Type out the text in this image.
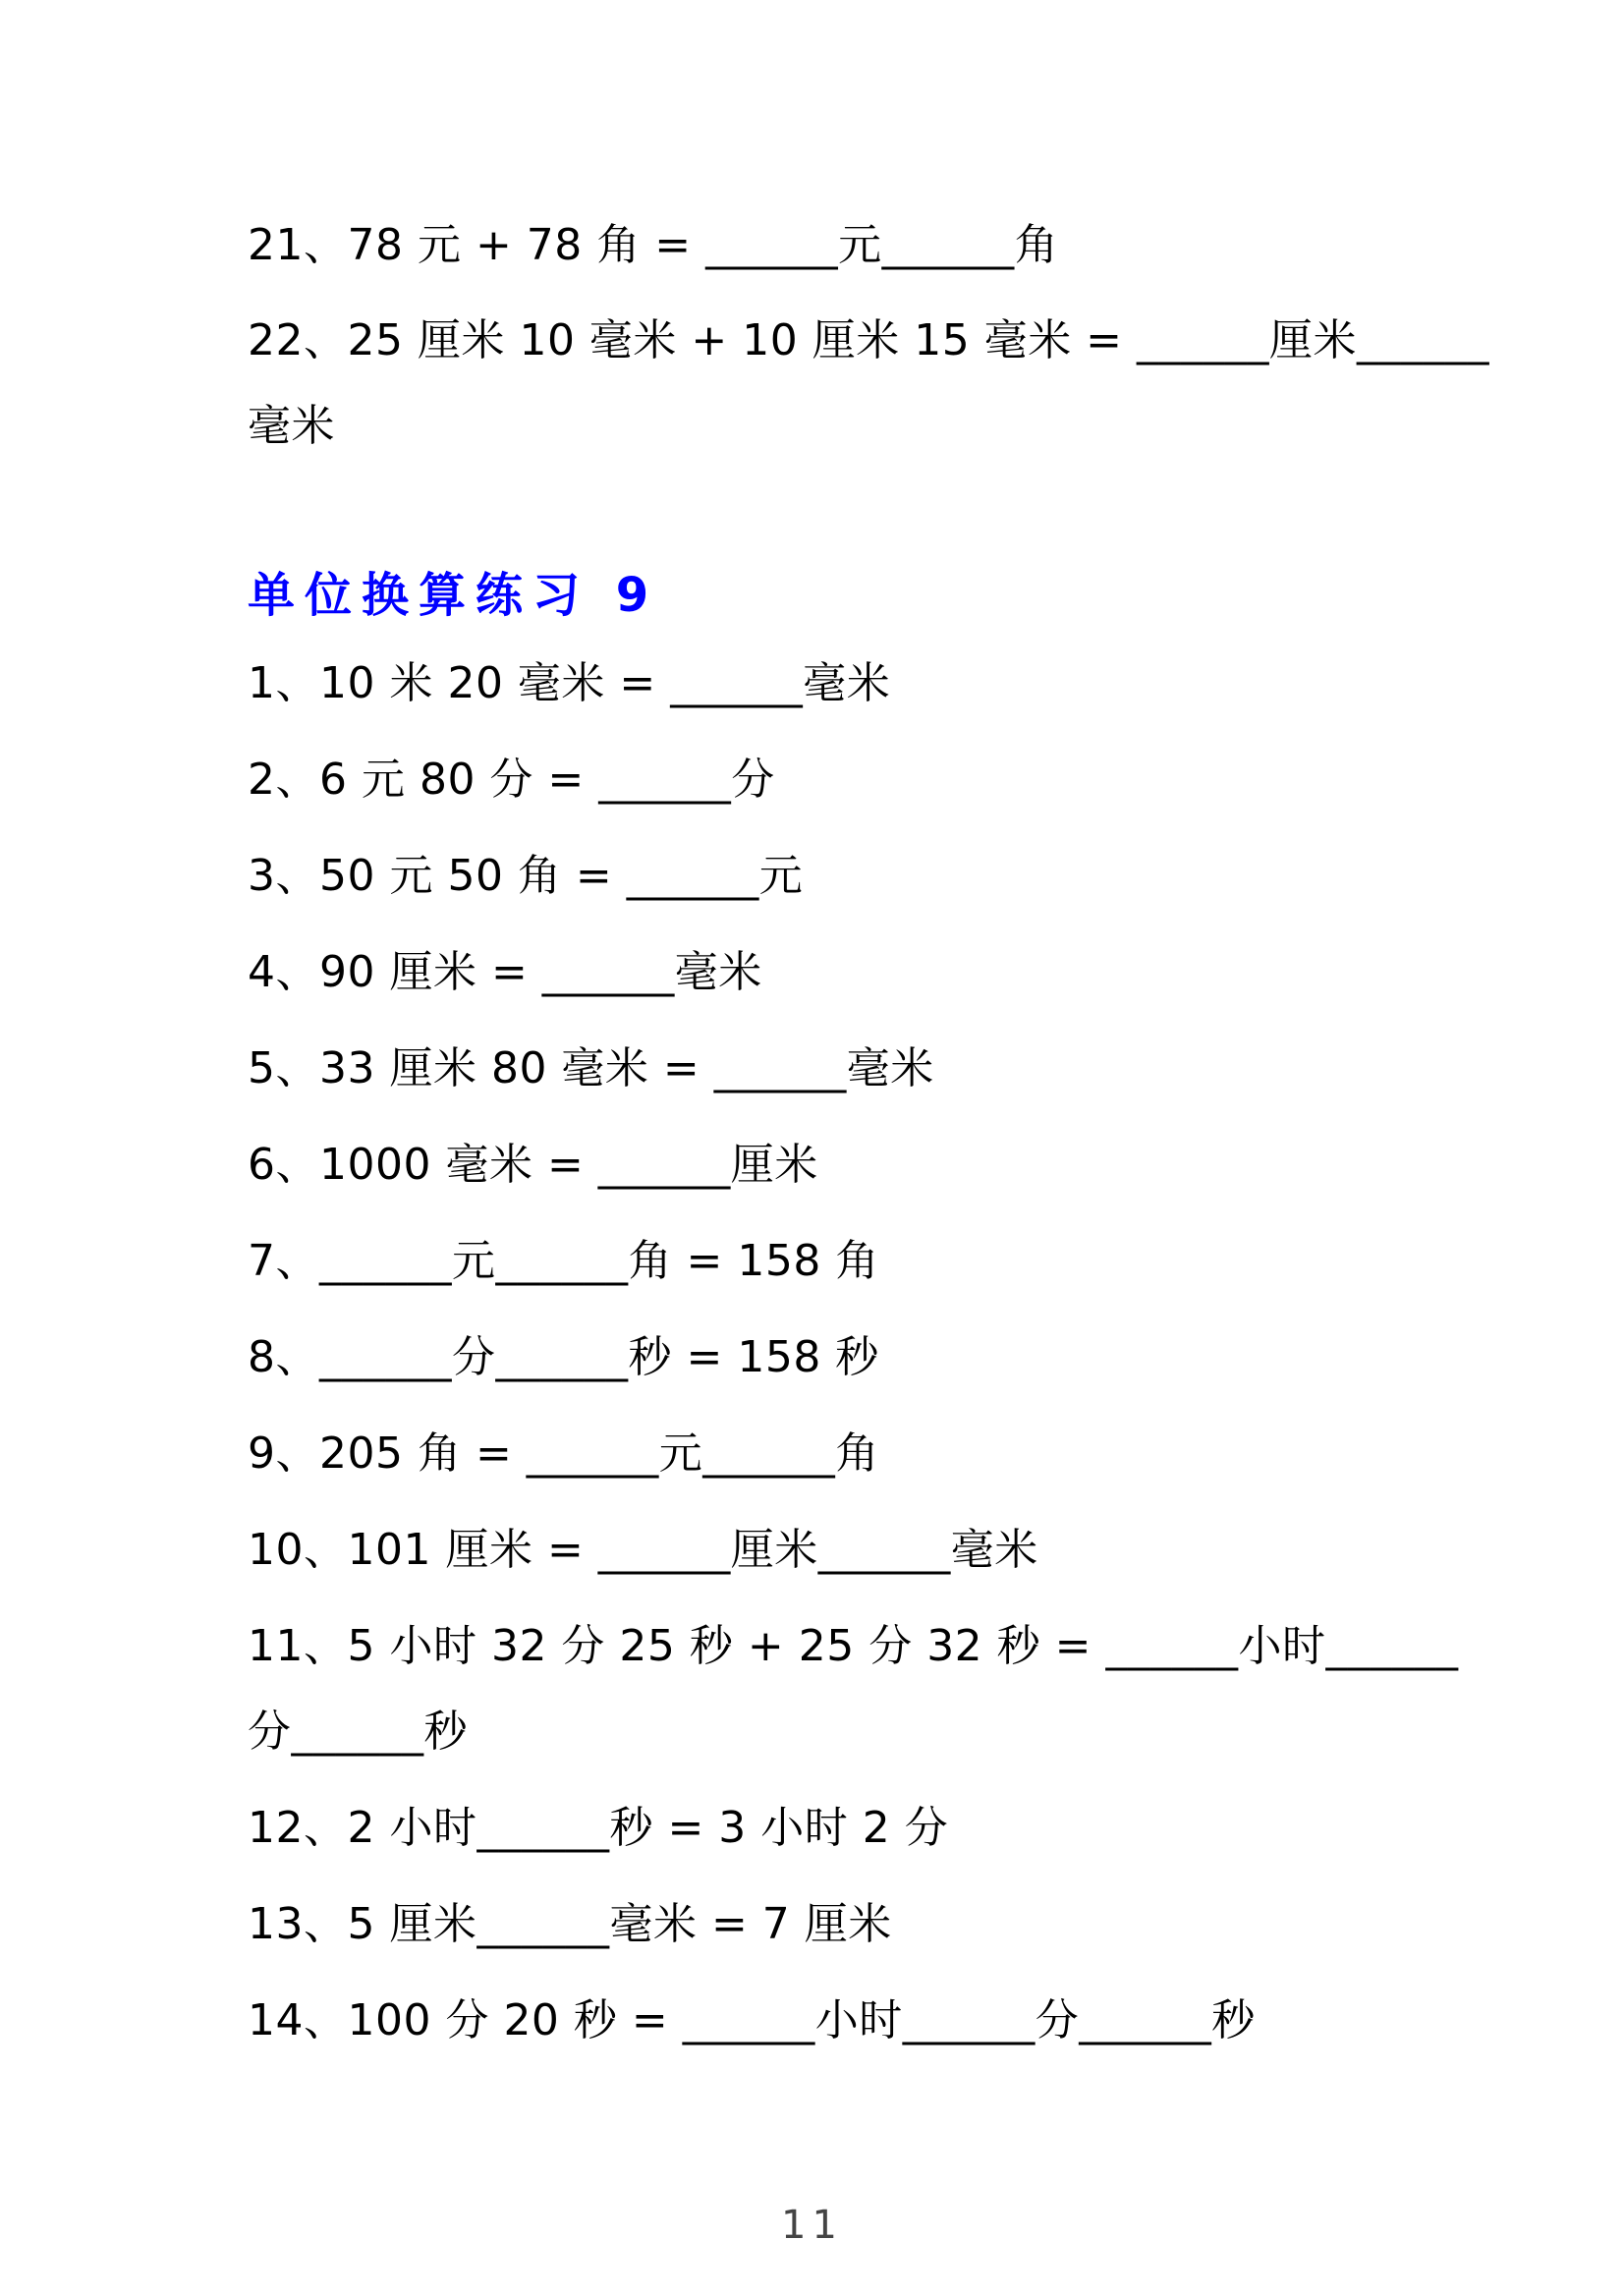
21、78 元 + 78 角 = ______元______角
22、25 厘米 10 毫米 + 10 厘米 15 毫米 = ______厘米______
毫米
单位换算练习 9
1、10 米 20 毫米 = ______毫米
2、6 元 80 分 = ______分
3、50 元 50 角 = ______元
4、90 厘米 = ______毫米
5、33 厘米 80 毫米 = ______毫米
6、1000 毫米 = ______厘米
7、______元______角 = 158 角
8、______分______秒 = 158 秒
9、205 角 = ______元______角
10、101 厘米 = ______厘米______毫米
11、5 小时 32 分 25 秒 + 25 分 32 秒 = ______小时______
分______秒
12、2 小时______秒 = 3 小时 2 分
13、5 厘米______毫米 = 7 厘米
14、100 分 20 秒 = ______小时______分______秒
11
